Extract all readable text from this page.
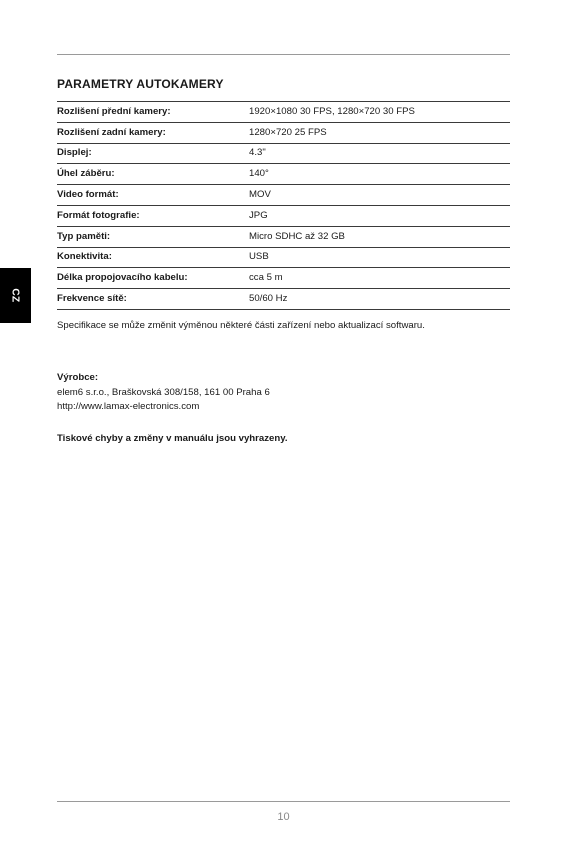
CZ
PARAMETRY AUTOKAMERY
Rozlišení přední kamery:	1920×1080 30 FPS, 1280×720 30 FPS
Rozlišení zadní kamery:	1280×720 25 FPS
Displej:	4.3"
Úhel záběru:	140°
Video formát:	MOV
Formát fotografie:	JPG
Typ paměti:	Micro SDHC až 32 GB
Konektivita:	USB
Délka propojovacího kabelu:	cca 5 m
Frekvence sítě:	50/60 Hz

Specifikace se může změnit výměnou některé části zařízení nebo aktualizací softwaru.

Výrobce:
elem6 s.r.o., Braškovská 308/158, 161 00 Praha 6
http://www.lamax-electronics.com

Tiskové chyby a změny v manuálu jsou vyhrazeny.

10
